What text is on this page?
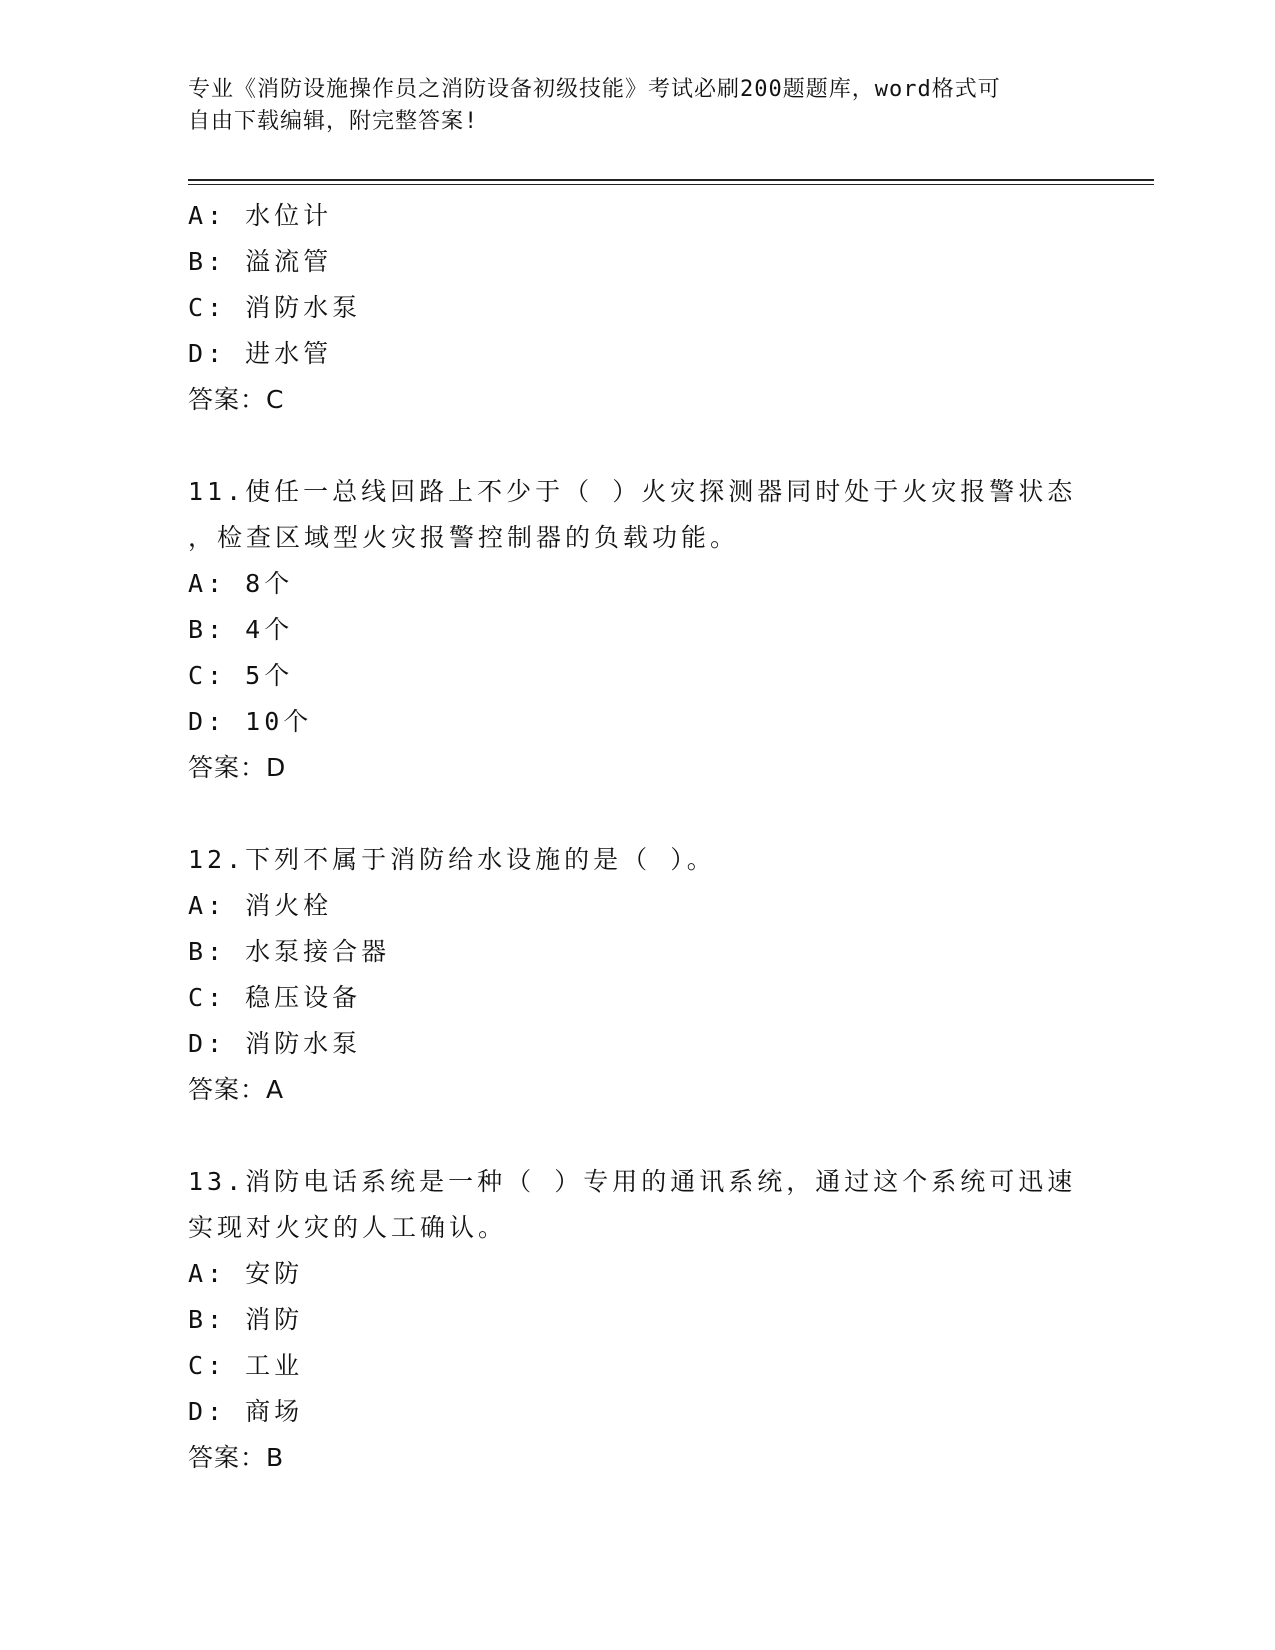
专业《消防设施操作员之消防设备初级技能》考试必刷200题题库，word格式可
自由下载编辑，附完整答案!
A: 水位计
B: 溢流管
C: 消防水泵
D: 进水管
答案：C
11.使任一总线回路上不少于（ ）火灾探测器同时处于火灾报警状态
，检查区域型火灾报警控制器的负载功能。
A: 8个
B: 4个
C: 5个
D: 10个
答案：D
12.下列不属于消防给水设施的是（ ）。
A: 消火栓
B: 水泵接合器
C: 稳压设备
D: 消防水泵
答案：A
13.消防电话系统是一种（ ）专用的通讯系统，通过这个系统可迅速
实现对火灾的人工确认。
A: 安防
B: 消防
C: 工业
D: 商场
答案：B
